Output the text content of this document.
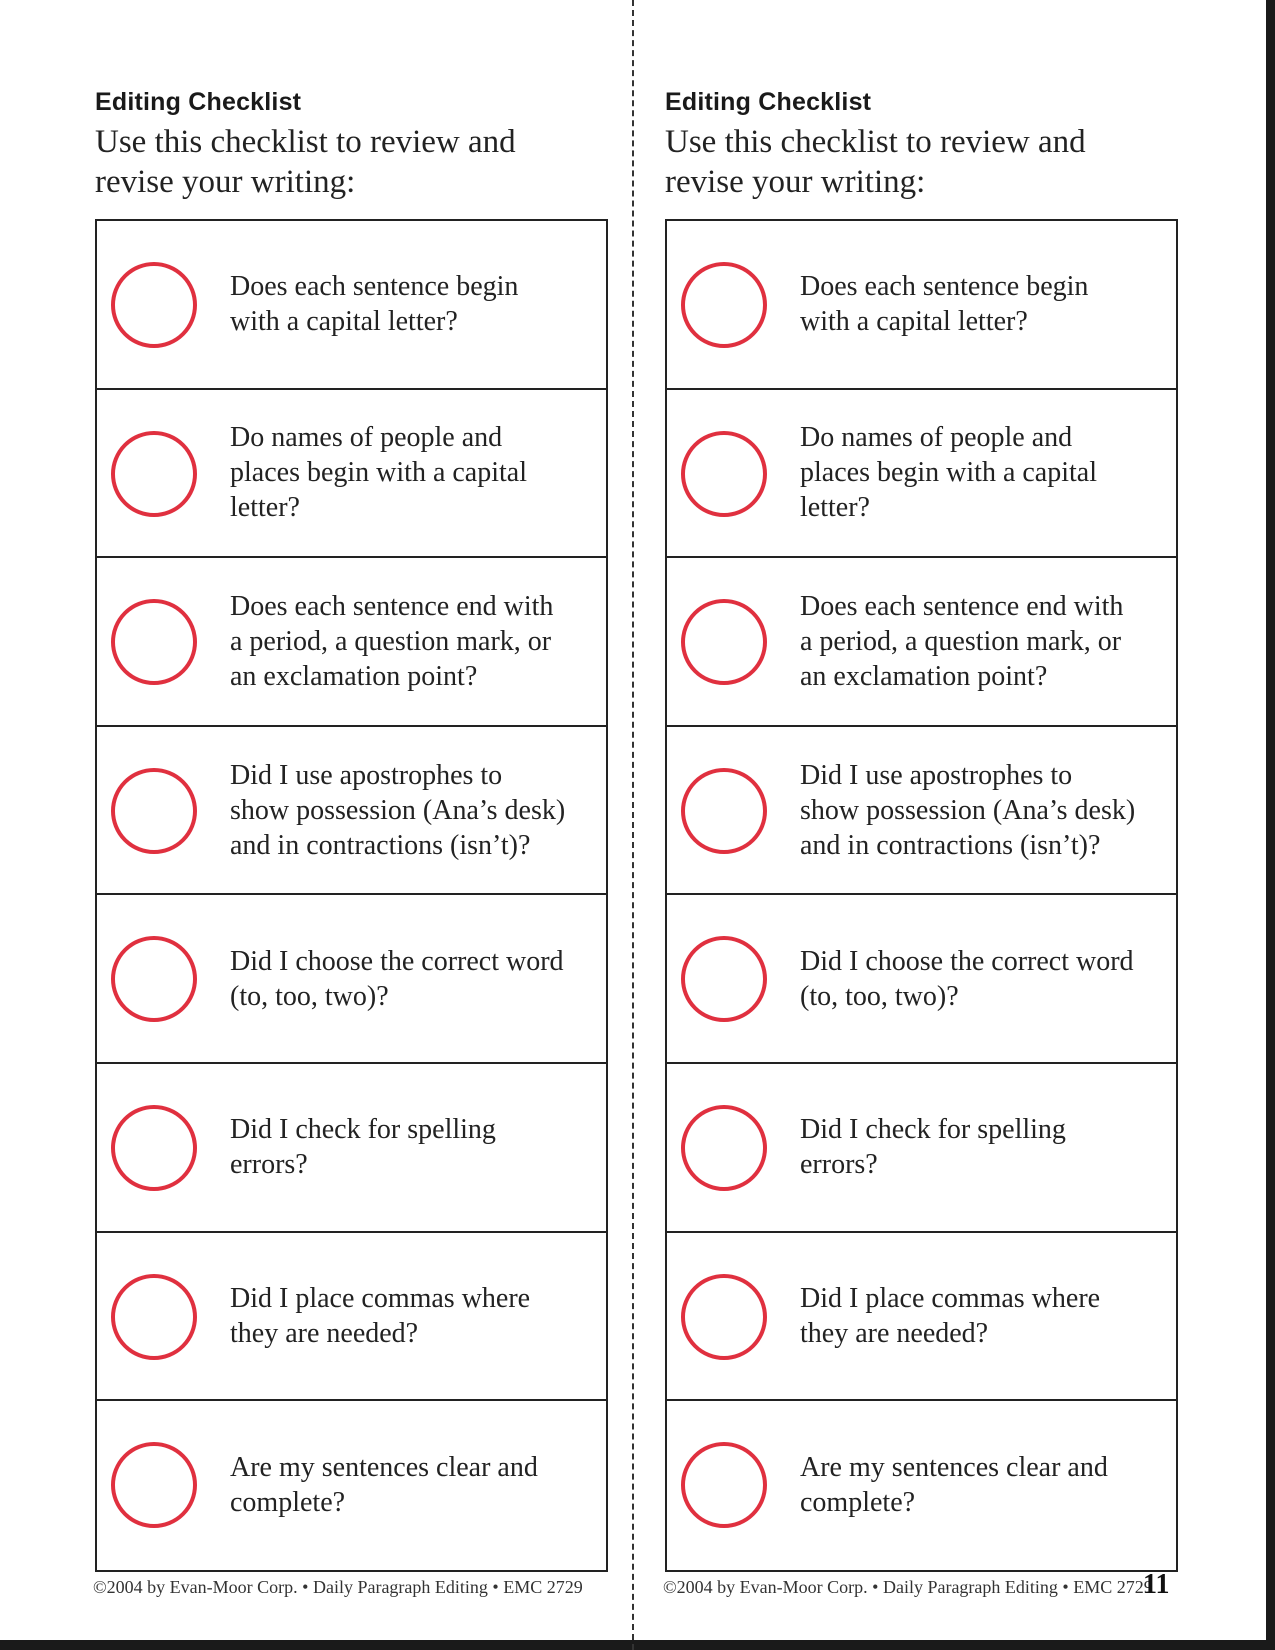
Editing Checklist
Use this checklist to review and
revise your writing:
Does each sentence begin
with a capital letter?
Do names of people and
places begin with a capital
letter?
Does each sentence end with
a period, a question mark, or
an exclamation point?
Did I use apostrophes to
show possession (Ana’s desk)
and in contractions (isn’t)?
Did I choose the correct word
(to, too, two)?
Did I check for spelling
errors?
Did I place commas where
they are needed?
Are my sentences clear and
complete?
©2004 by Evan-Moor Corp. • Daily Paragraph Editing • EMC 2729
Editing Checklist
Use this checklist to review and
revise your writing:
Does each sentence begin
with a capital letter?
Do names of people and
places begin with a capital
letter?
Does each sentence end with
a period, a question mark, or
an exclamation point?
Did I use apostrophes to
show possession (Ana’s desk)
and in contractions (isn’t)?
Did I choose the correct word
(to, too, two)?
Did I check for spelling
errors?
Did I place commas where
they are needed?
Are my sentences clear and
complete?
©2004 by Evan-Moor Corp. • Daily Paragraph Editing • EMC 2729
11
